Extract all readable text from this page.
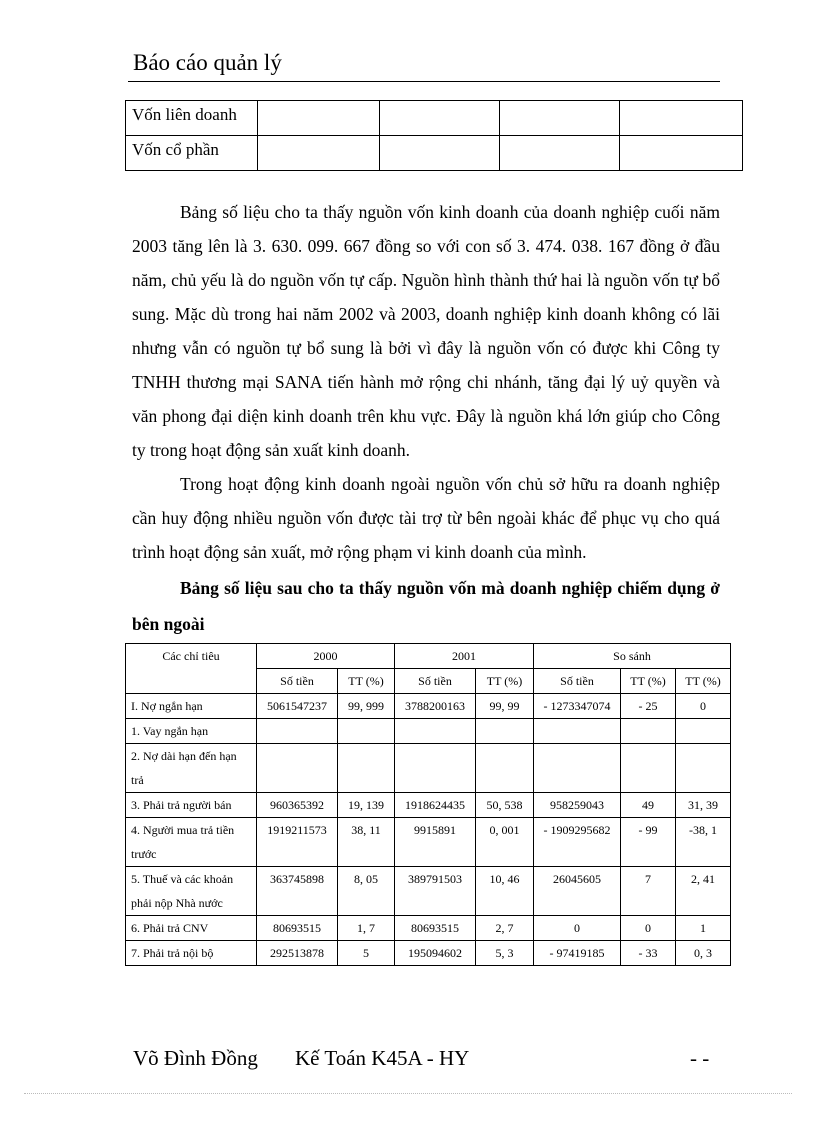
Báo cáo quản lý
Vốn liên doanh				
Vốn cổ phần				

Bảng số liệu cho ta thấy nguồn vốn kinh doanh của doanh nghiệp cuối năm 2003 tăng lên là 3. 630. 099. 667 đồng so với con số 3. 474. 038. 167 đồng ở đầu năm, chủ yếu là do nguồn vốn tự cấp. Nguồn hình thành thứ hai là nguồn vốn tự bổ sung. Mặc dù trong hai năm 2002 và 2003, doanh nghiệp kinh doanh không có lãi nhưng vẫn có nguồn tự bổ sung là bởi vì đây là nguồn vốn có được khi Công ty TNHH thương mại SANA tiến hành mở rộng chi nhánh, tăng đại lý uỷ quyền và văn phong đại diện kinh doanh trên khu vực. Đây là nguồn khá lớn giúp cho Công ty trong hoạt động sản xuất kinh doanh.

Trong hoạt động kinh doanh ngoài nguồn vốn chủ sở hữu ra doanh nghiệp cần huy động nhiều nguồn vốn được tài trợ từ bên ngoài khác để phục vụ cho quá trình hoạt động sản xuất, mở rộng phạm vi kinh doanh của mình.

Bảng số liệu sau cho ta thấy nguồn vốn mà doanh nghiệp chiếm dụng ở bên ngoài

Các chỉ tiêu	2000		2001		So sánh		
	Số tiền	TT (%)	Số tiền	TT (%)	Số tiền	TT (%)	TT (%)
I. Nợ ngắn hạn	5061547237	99, 999	3788200163	99, 99	- 1273347074	- 25	0
1. Vay ngắn hạn							
2. Nợ dài hạn đến hạn trả							
3. Phải trả người bán	960365392	19, 139	1918624435	50, 538	958259043	49	31, 39
4. Người mua trả tiền trước	1919211573	38, 11	9915891	0, 001	- 1909295682	- 99	-38, 1
5. Thuế và các khoản phải nộp Nhà nước	363745898	8, 05	389791503	10, 46	26045605	7	2, 41
6. Phải trả CNV	80693515	1, 7	80693515	2, 7	0	0	1
7. Phải trả nội bộ	292513878	5	195094602	5, 3	- 97419185	- 33	0, 3
Võ Đình Đồng Kế Toán K45A - HY	- -
